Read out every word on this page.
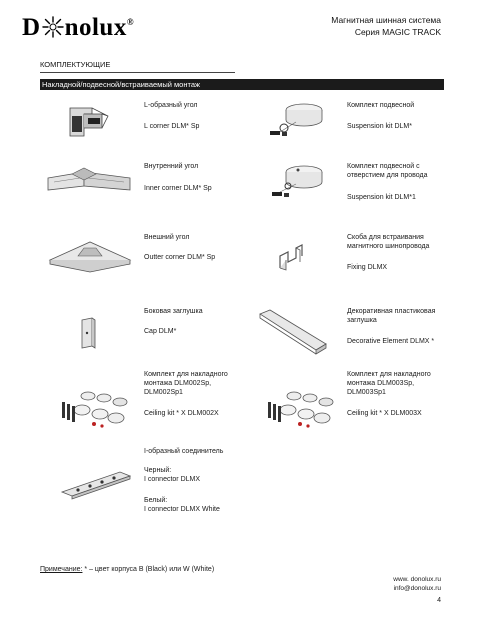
D nolux®	Магнитная шинная система
Серия MAGIC TRACK
КОМПЛЕКТУЮЩИЕ
Накладной/подвесной/встраиваемый монтаж
L-образный угол
L corner DLM* Sp
Комплект подвесной
Suspension kit DLM*
Внутренний угол
Inner corner DLM* Sp
Комплект подвесной с
отверстием для провода
Suspension kit DLM*1
Внешний угол
Outter corner DLM* Sp
Скоба для встраивания
магнитного шинопровода
Fixing DLMX
Боковая заглушка
Cap DLM*
Декоративная пластиковая
заглушка
Decorative Element DLMX *
Комплект для накладного
монтажа DLM002Sp,
DLM002Sp1
Ceiling kit * X DLM002X
Комплект для накладного
монтажа DLM003Sp,
DLM003Sp1
Ceiling kit * X DLM003X
I-образный соединитель
Черный:
I connector DLMX
Белый:
I connector DLMX White
Примечание: * – цвет корпуса B (Black) или W (White)
www. donolux.ru
info@donolux.ru
4
